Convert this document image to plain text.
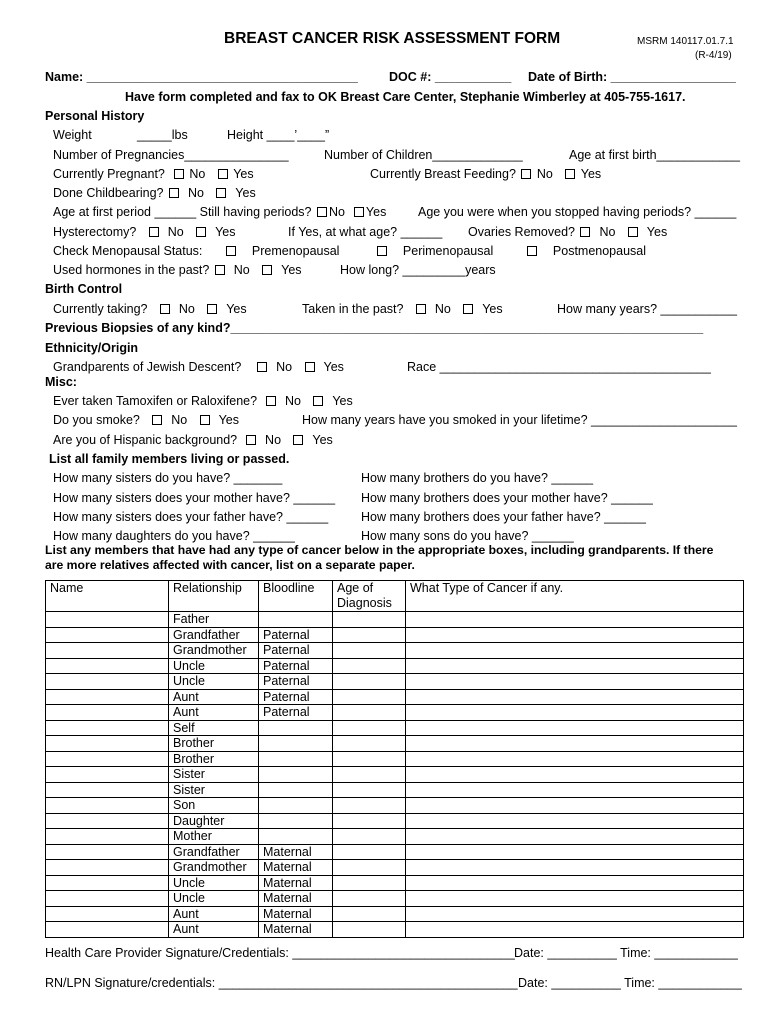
BREAST CANCER RISK ASSESSMENT FORM	MSRM 140117.01.7.1
(R-4/19)
Name: _______________________________________ DOC #: ___________ Date of Birth: __________________
Have form completed and fax to OK Breast Care Center, Stephanie Wimberley at 405-755-1617.
Personal History
Weight	_____lbs	Height ____’____”
Number of Pregnancies_______________	Number of Children_____________	Age at first birth____________
Currently Pregnant? No Yes	Currently Breast Feeding? No Yes
Done Childbearing? No	Yes
Age at first period ______ Still having periods? No Yes	Age you were when you stopped having periods? ______
Hysterectomy?	No	Yes	If Yes, at what age? ______ Ovaries Removed? No	Yes
Check Menopausal Status:	Premenopausal	Perimenopausal	Postmenopausal
Used hormones in the past? No	Yes	How long? _________years
Birth Control
Currently taking?	No	Yes	Taken in the past?	No	Yes	How many years? ___________
Previous Biopsies of any kind?____________________________________________________________________
Ethnicity/Origin
Grandparents of Jewish Descent?	No	Yes	Race _______________________________________
Misc:
Ever taken Tamoxifen or Raloxifene? No	Yes
Do you smoke?	No	Yes	How many years have you smoked in your lifetime? _____________________
Are you of Hispanic background? No	Yes
List all family members living or passed.
How many sisters do you have? _______
How many sisters does your mother have? ______
How many sisters does your father have? ______
How many daughters do you have? ______
How many brothers do you have? ______
How many brothers does your mother have? ______
How many brothers does your father have? ______
How many sons do you have? ______
List any members that have had any type of cancer below in the appropriate boxes, including grandparents. If there
are more relatives affected with cancer, list on a separate paper.
Name	Relationship	Bloodline	Age of Diagnosis	What Type of Cancer if any.
	Father			
	Grandfather	Paternal		
	Grandmother	Paternal		
	Uncle	Paternal		
	Uncle	Paternal		
	Aunt	Paternal		
	Aunt	Paternal		
	Self			
	Brother			
	Brother			
	Sister			
	Sister			
	Son			
	Daughter			
	Mother			
	Grandfather	Maternal		
	Grandmother	Maternal		
	Uncle	Maternal		
	Uncle	Maternal		
	Aunt	Maternal		
	Aunt	Maternal		
Health Care Provider Signature/Credentials: ________________________________ Date: __________ Time: ____________
RN/LPN Signature/credentials: ___________________________________________ Date: __________ Time: ____________
